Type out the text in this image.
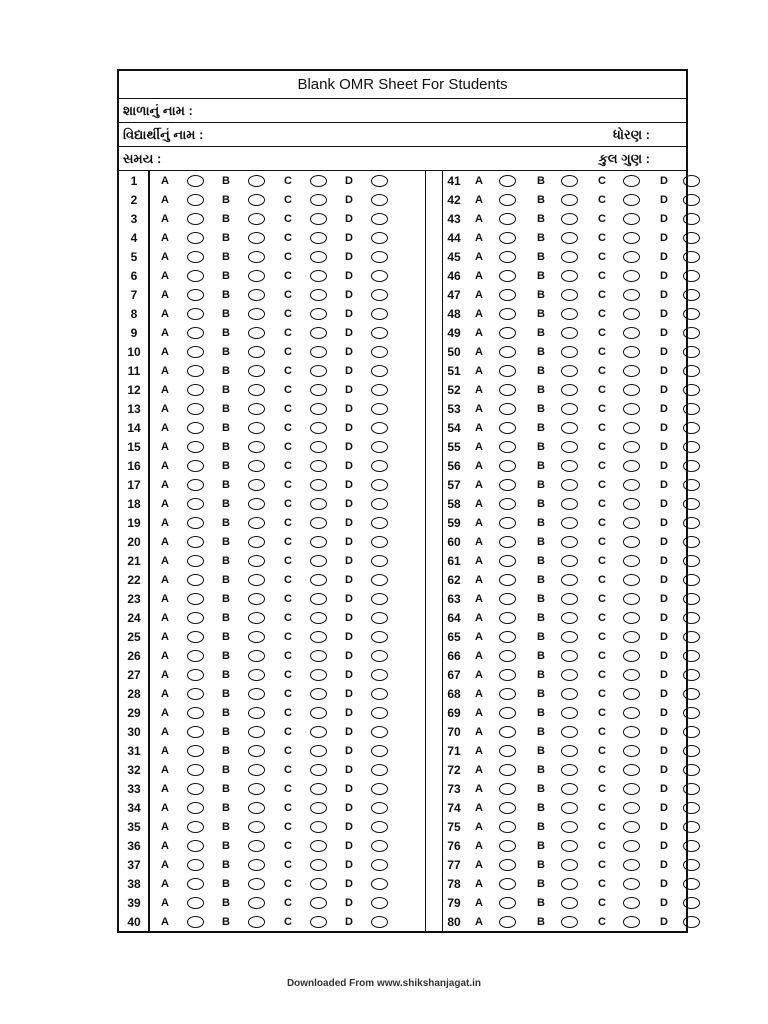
Blank OMR Sheet For Students
શાળાનું નામ :
વિદ્યાર્થીનું નામ :	ધોરણ :
સમય :	કુલ ગુણ :
1	A	B	C	D
2	A	B	C	D
3	A	B	C	D
4	A	B	C	D
5	A	B	C	D
6	A	B	C	D
7	A	B	C	D
8	A	B	C	D
9	A	B	C	D
10	A	B	C	D
11	A	B	C	D
12	A	B	C	D
13	A	B	C	D
14	A	B	C	D
15	A	B	C	D
16	A	B	C	D
17	A	B	C	D
18	A	B	C	D
19	A	B	C	D
20	A	B	C	D
21	A	B	C	D
22	A	B	C	D
23	A	B	C	D
24	A	B	C	D
25	A	B	C	D
26	A	B	C	D
27	A	B	C	D
28	A	B	C	D
29	A	B	C	D
30	A	B	C	D
31	A	B	C	D
32	A	B	C	D
33	A	B	C	D
34	A	B	C	D
35	A	B	C	D
36	A	B	C	D
37	A	B	C	D
38	A	B	C	D
39	A	B	C	D
40	A	B	C	D
41	A	B	C	D
42	A	B	C	D
43	A	B	C	D
44	A	B	C	D
45	A	B	C	D
46	A	B	C	D
47	A	B	C	D
48	A	B	C	D
49	A	B	C	D
50	A	B	C	D
51	A	B	C	D
52	A	B	C	D
53	A	B	C	D
54	A	B	C	D
55	A	B	C	D
56	A	B	C	D
57	A	B	C	D
58	A	B	C	D
59	A	B	C	D
60	A	B	C	D
61	A	B	C	D
62	A	B	C	D
63	A	B	C	D
64	A	B	C	D
65	A	B	C	D
66	A	B	C	D
67	A	B	C	D
68	A	B	C	D
69	A	B	C	D
70	A	B	C	D
71	A	B	C	D
72	A	B	C	D
73	A	B	C	D
74	A	B	C	D
75	A	B	C	D
76	A	B	C	D
77	A	B	C	D
78	A	B	C	D
79	A	B	C	D
80	A	B	C	D
Downloaded From www.shikshanjagat.in
